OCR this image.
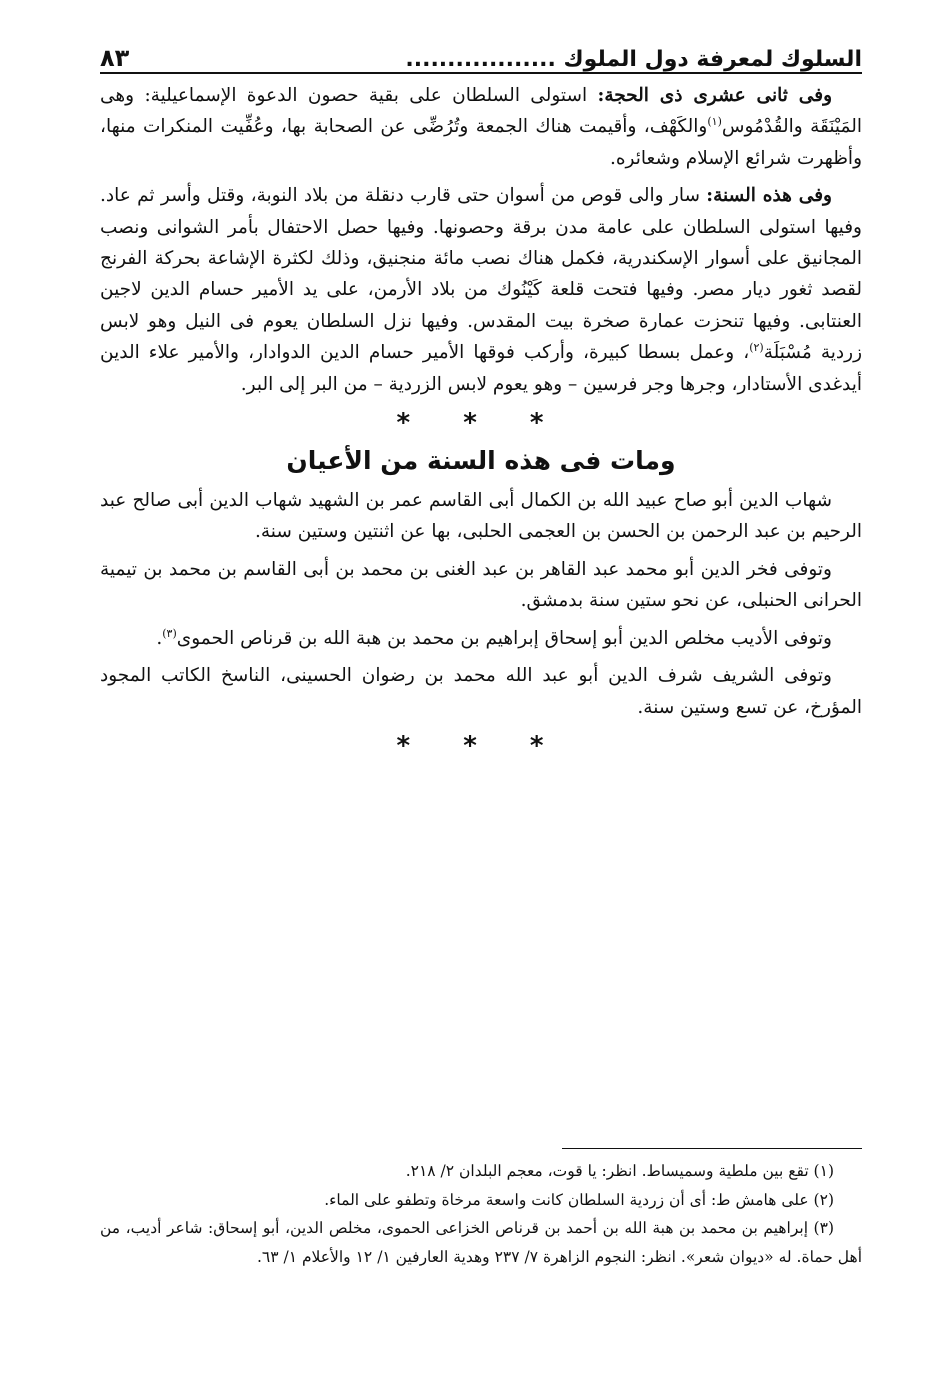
السلوك لمعرفة دول الملوك ..................
٨٣

وفى ثانى عشرى ذى الحجة: استولى السلطان على بقية حصون الدعوة الإسماعيلية: وهى المَيْنَقَة والقُدْمُوس$^{(١)}$والكَهْف، وأقيمت هناك الجمعة وتُرُضِّى عن الصحابة بها، وعُفِّيت المنكرات منها، وأظهرت شرائع الإسلام وشعائره.

وفى هذه السنة: سار والى قوص من أسوان حتى قارب دنقلة من بلاد النوبة، وقتل وأسر ثم عاد. وفيها استولى السلطان على عامة مدن برقة وحصونها. وفيها حصل الاحتفال بأمر الشوانى ونصب المجانيق على أسوار الإسكندرية، فكمل هناك نصب مائة منجنيق، وذلك لكثرة الإشاعة بحركة الفرنج لقصد ثغور ديار مصر. وفيها فتحت قلعة كَيْنُوك من بلاد الأرمن، على يد الأمير حسام الدين لاجين العنتابى. وفيها تنحزت عمارة صخرة بيت المقدس. وفيها نزل السلطان يعوم فى النيل وهو لابس زردية مُسْبَلَة$^{(٢)}$، وعمل بسطا كبيرة، وأركب فوقها الأمير حسام الدين الدوادار، والأمير علاء الدين أيدغدى الأستادار، وجرها وجر فرسين – وهو يعوم لابس الزردية – من البر إلى البر.

* * *
ومات فى هذه السنة من الأعيان

شهاب الدين أبو صاح عبيد الله بن الكمال أبى القاسم عمر بن الشهيد شهاب الدين أبى صالح عبد الرحيم بن عبد الرحمن بن الحسن بن العجمى الحلبى، بها عن اثنتين وستين سنة.

وتوفى فخر الدين أبو محمد عبد القاهر بن عبد الغنى بن محمد بن أبى القاسم بن محمد بن تيمية الحرانى الحنبلى، عن نحو ستين سنة بدمشق.

وتوفى الأديب مخلص الدين أبو إسحاق إبراهيم بن محمد بن هبة الله بن قرناص الحموى$^{(٣)}$.

وتوفى الشريف شرف الدين أبو عبد الله محمد بن رضوان الحسينى، الناسخ الكاتب المجود المؤرخ، عن تسع وستين سنة.

* * *

(١) تقع بين ملطية وسميساط. انظر: يا قوت، معجم البلدان ٢/ ٢١٨.

(٢) على هامش ط: أى أن زردية السلطان كانت واسعة مرخاة وتطفو على الماء.

(٣) إبراهيم بن محمد بن هبة الله بن أحمد بن قرناص الخزاعى الحموى، مخلص الدين، أبو إسحاق: شاعر أديب، من أهل حماة. له «ديوان شعر». انظر: النجوم الزاهرة ٧/ ٢٣٧ وهدية العارفين ١/ ١٢ والأعلام ١/ ٦٣.
